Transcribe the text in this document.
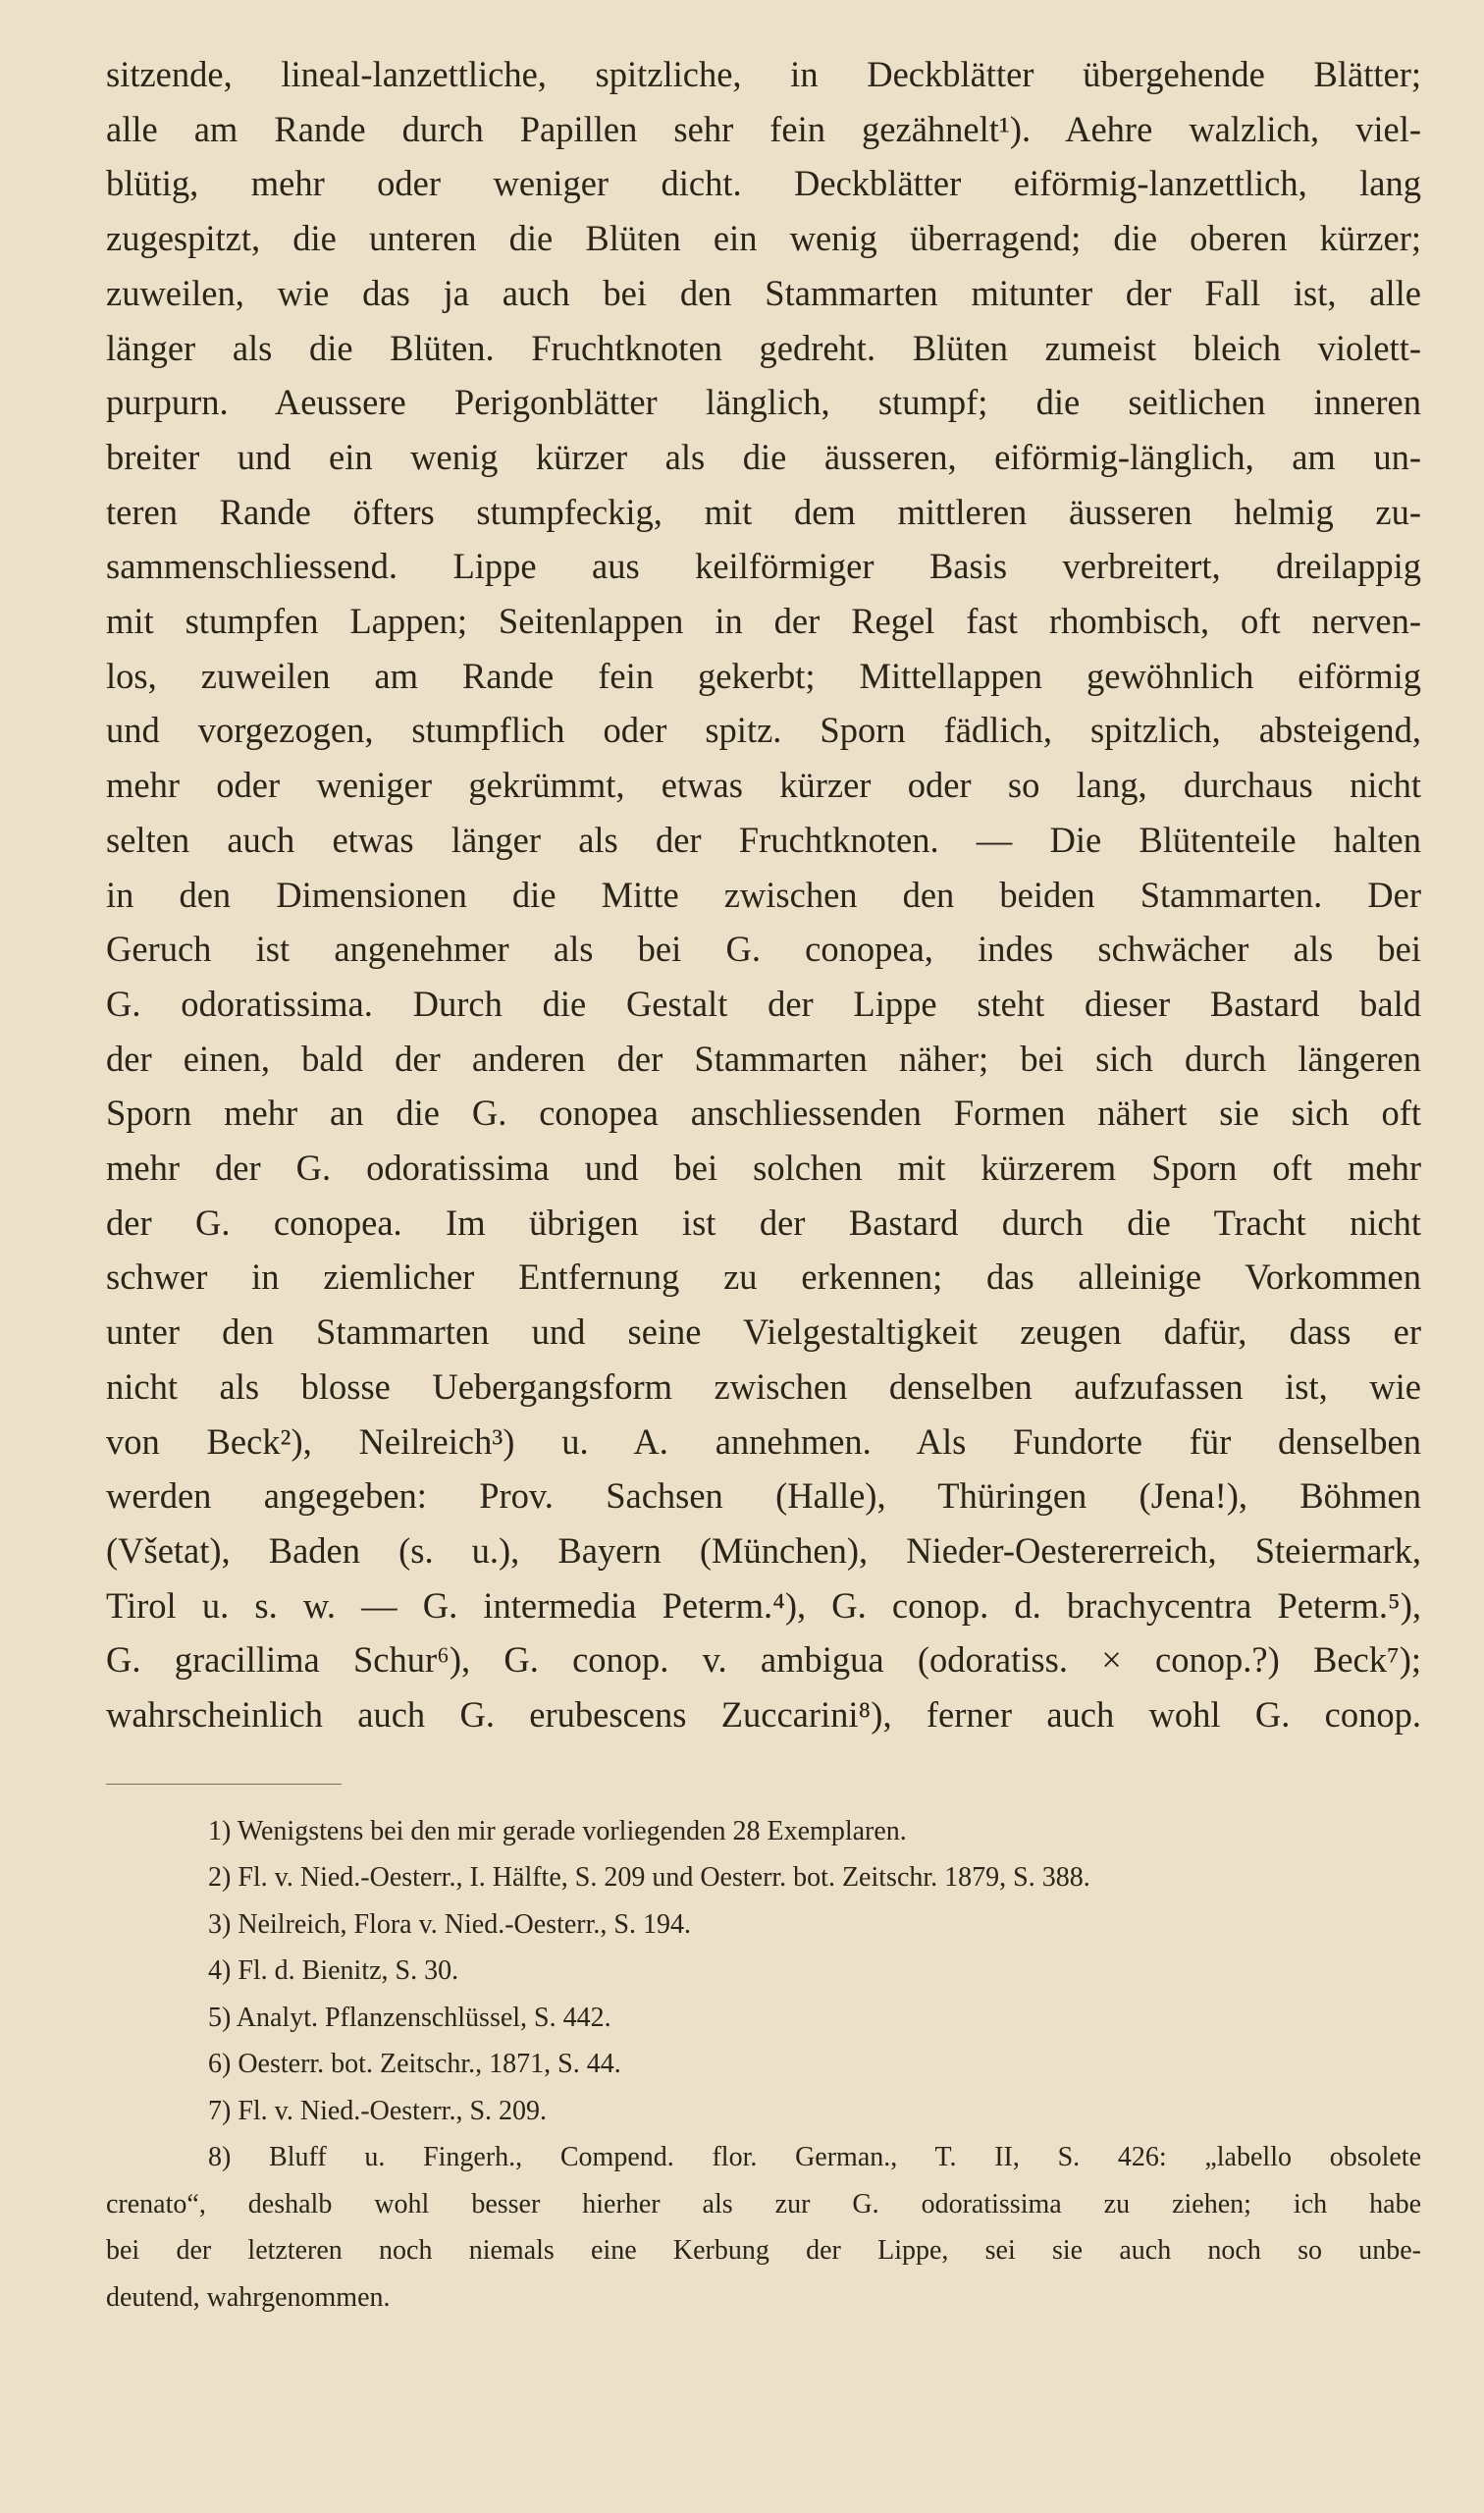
sitzende, lineal-lanzettliche, spitzliche, in Deckblätter übergehende Blätter;
alle am Rande durch Papillen sehr fein gezähnelt¹). Aehre walzlich, viel-
blütig, mehr oder weniger dicht. Deckblätter eiförmig-lanzettlich, lang
zugespitzt, die unteren die Blüten ein wenig überragend; die oberen kürzer;
zuweilen, wie das ja auch bei den Stammarten mitunter der Fall ist, alle
länger als die Blüten. Fruchtknoten gedreht. Blüten zumeist bleich violett-
purpurn. Aeussere Perigonblätter länglich, stumpf; die seitlichen inneren
breiter und ein wenig kürzer als die äusseren, eiförmig-länglich, am un-
teren Rande öfters stumpfeckig, mit dem mittleren äusseren helmig zu-
sammenschliessend. Lippe aus keilförmiger Basis verbreitert, dreilappig
mit stumpfen Lappen; Seitenlappen in der Regel fast rhombisch, oft nerven-
los, zuweilen am Rande fein gekerbt; Mittellappen gewöhnlich eiförmig
und vorgezogen, stumpflich oder spitz. Sporn fädlich, spitzlich, absteigend,
mehr oder weniger gekrümmt, etwas kürzer oder so lang, durchaus nicht
selten auch etwas länger als der Fruchtknoten. — Die Blütenteile halten
in den Dimensionen die Mitte zwischen den beiden Stammarten. Der
Geruch ist angenehmer als bei G. conopea, indes schwächer als bei
G. odoratissima. Durch die Gestalt der Lippe steht dieser Bastard bald
der einen, bald der anderen der Stammarten näher; bei sich durch längeren
Sporn mehr an die G. conopea anschliessenden Formen nähert sie sich oft
mehr der G. odoratissima und bei solchen mit kürzerem Sporn oft mehr
der G. conopea. Im übrigen ist der Bastard durch die Tracht nicht
schwer in ziemlicher Entfernung zu erkennen; das alleinige Vorkommen
unter den Stammarten und seine Vielgestaltigkeit zeugen dafür, dass er
nicht als blosse Uebergangsform zwischen denselben aufzufassen ist, wie
von Beck²), Neilreich³) u. A. annehmen. Als Fundorte für denselben
werden angegeben: Prov. Sachsen (Halle), Thüringen (Jena!), Böhmen
(Všetat), Baden (s. u.), Bayern (München), Nieder-Oestererreich, Steiermark,
Tirol u. s. w. — G. intermedia Peterm.⁴), G. conop. d. brachycentra Peterm.⁵),
G. gracillima Schur⁶), G. conop. v. ambigua (odoratiss. × conop.?) Beck⁷);
wahrscheinlich auch G. erubescens Zuccarini⁸), ferner auch wohl G. conop.
1) Wenigstens bei den mir gerade vorliegenden 28 Exemplaren.
2) Fl. v. Nied.-Oesterr., I. Hälfte, S. 209 und Oesterr. bot. Zeitschr. 1879, S. 388.
3) Neilreich, Flora v. Nied.-Oesterr., S. 194.
4) Fl. d. Bienitz, S. 30.
5) Analyt. Pflanzenschlüssel, S. 442.
6) Oesterr. bot. Zeitschr., 1871, S. 44.
7) Fl. v. Nied.-Oesterr., S. 209.
8) Bluff u. Fingerh., Compend. flor. German., T. II, S. 426: „labello obsolete
crenato“, deshalb wohl besser hierher als zur G. odoratissima zu ziehen; ich habe
bei der letzteren noch niemals eine Kerbung der Lippe, sei sie auch noch so unbe-
deutend, wahrgenommen.
